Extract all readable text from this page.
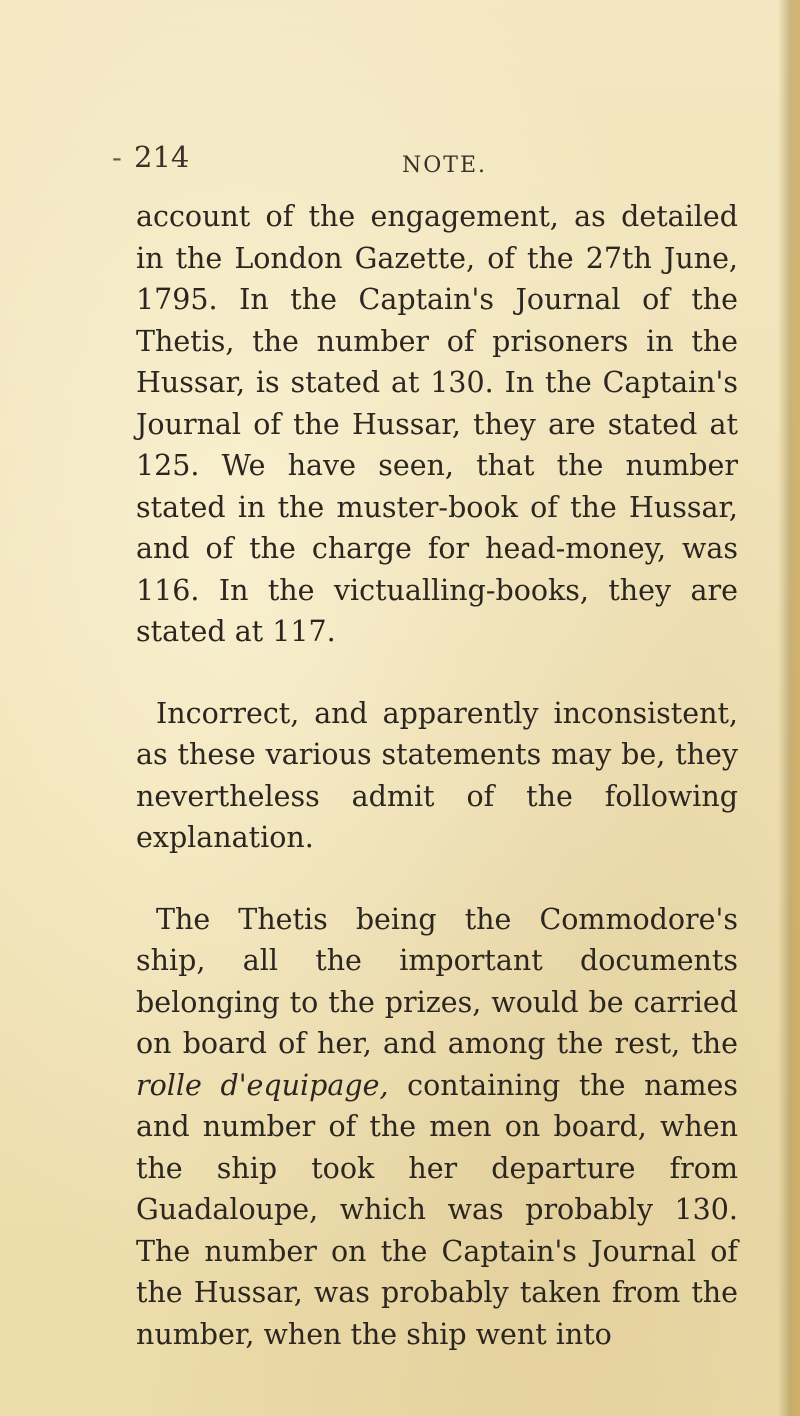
- 214	NOTE.

account of the engagement, as detailed in the London Gazette, of the 27th June, 1795. In the Captain's Journal of the Thetis, the number of prisoners in the Hussar, is stated at 130. In the Captain's Journal of the Hussar, they are stated at 125. We have seen, that the number stated in the muster-book of the Hussar, and of the charge for head-money, was 116. In the victualling-books, they are stated at 117.

Incorrect, and apparently inconsistent, as these various statements may be, they nevertheless admit of the following explanation.

The Thetis being the Commodore's ship, all the important documents belonging to the prizes, would be carried on board of her, and among the rest, the rolle d'equipage, containing the names and number of the men on board, when the ship took her departure from Guadaloupe, which was probably 130. The number on the Captain's Journal of the Hussar, was probably taken from the number, when the ship went into
